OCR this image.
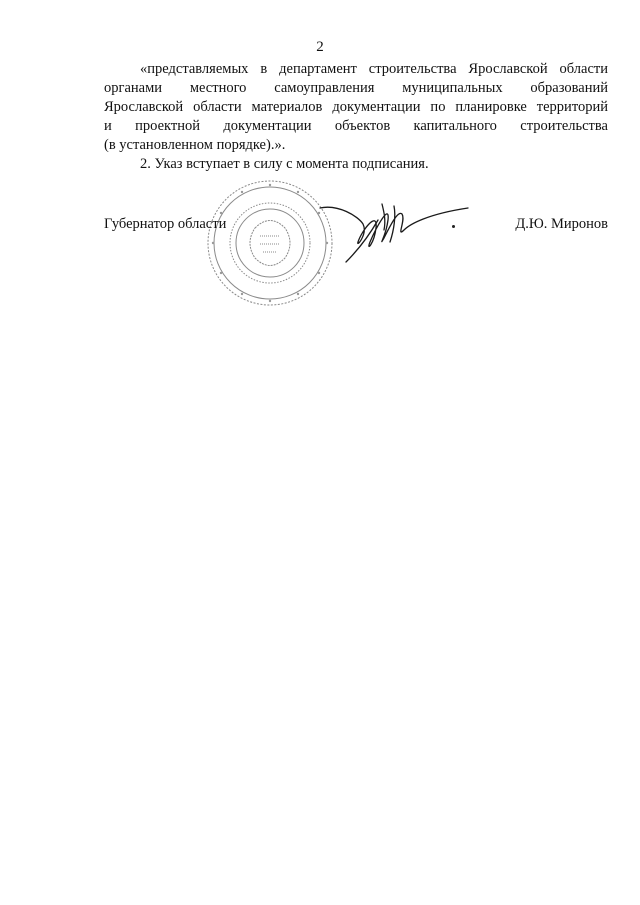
2
«представляемых в департамент строительства Ярославской области
органами местного самоуправления муниципальных образований
Ярославской области материалов документации по планировке территорий
и проектной документации объектов капитального строительства
(в установленном порядке).».
2. Указ вступает в силу с момента подписания.
Губернатор области	Д.Ю. Миронов
